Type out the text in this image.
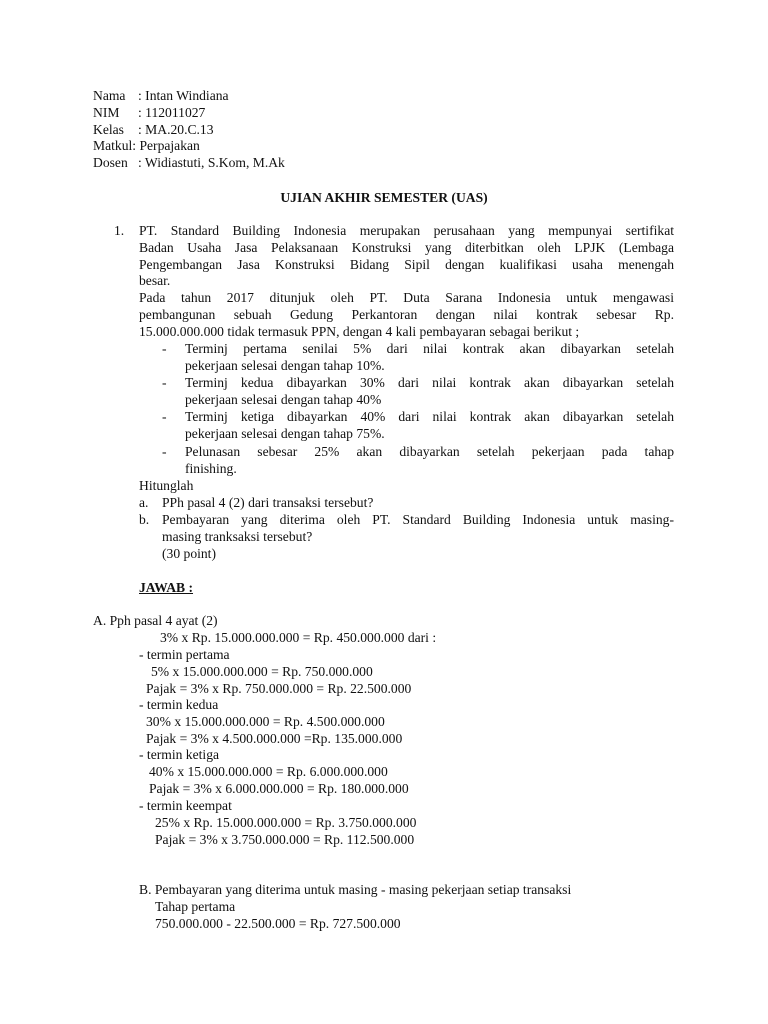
Nama : Intan Windiana
NIM : 112011027
Kelas : MA.20.C.13
Matkul: Perpajakan
Dosen : Widiastuti, S.Kom, M.Ak
UJIAN AKHIR SEMESTER (UAS)
1. PT. Standard Building Indonesia merupakan perusahaan yang mempunyai sertifikat
Badan Usaha Jasa Pelaksanaan Konstruksi yang diterbitkan oleh LPJK (Lembaga
Pengembangan Jasa Konstruksi Bidang Sipil dengan kualifikasi usaha menengah
besar.
Pada tahun 2017 ditunjuk oleh PT. Duta Sarana Indonesia untuk mengawasi
pembangunan sebuah Gedung Perkantoran dengan nilai kontrak sebesar Rp.
15.000.000.000 tidak termasuk PPN, dengan 4 kali pembayaran sebagai berikut ;
- Terminj pertama senilai 5% dari nilai kontrak akan dibayarkan setelah
pekerjaan selesai dengan tahap 10%.
- Terminj kedua dibayarkan 30% dari nilai kontrak akan dibayarkan setelah
pekerjaan selesai dengan tahap 40%
- Terminj ketiga dibayarkan 40% dari nilai kontrak akan dibayarkan setelah
pekerjaan selesai dengan tahap 75%.
- Pelunasan sebesar 25% akan dibayarkan setelah pekerjaan pada tahap
finishing.
Hitunglah
a. PPh pasal 4 (2) dari transaksi tersebut?
b. Pembayaran yang diterima oleh PT. Standard Building Indonesia untuk masing-
masing tranksaksi tersebut?
(30 point)
JAWAB :
A. Pph pasal 4 ayat (2)
3% x Rp. 15.000.000.000 = Rp. 450.000.000 dari :
- termin pertama
5% x 15.000.000.000 = Rp. 750.000.000
Pajak = 3% x Rp. 750.000.000 = Rp. 22.500.000
- termin kedua
30% x 15.000.000.000 = Rp. 4.500.000.000
Pajak = 3% x 4.500.000.000 =Rp. 135.000.000
- termin ketiga
40% x 15.000.000.000 = Rp. 6.000.000.000
Pajak = 3% x 6.000.000.000 = Rp. 180.000.000
- termin keempat
25% x Rp. 15.000.000.000 = Rp. 3.750.000.000
Pajak = 3% x 3.750.000.000 = Rp. 112.500.000
B. Pembayaran yang diterima untuk masing - masing pekerjaan setiap transaksi
Tahap pertama
750.000.000 - 22.500.000 = Rp. 727.500.000
